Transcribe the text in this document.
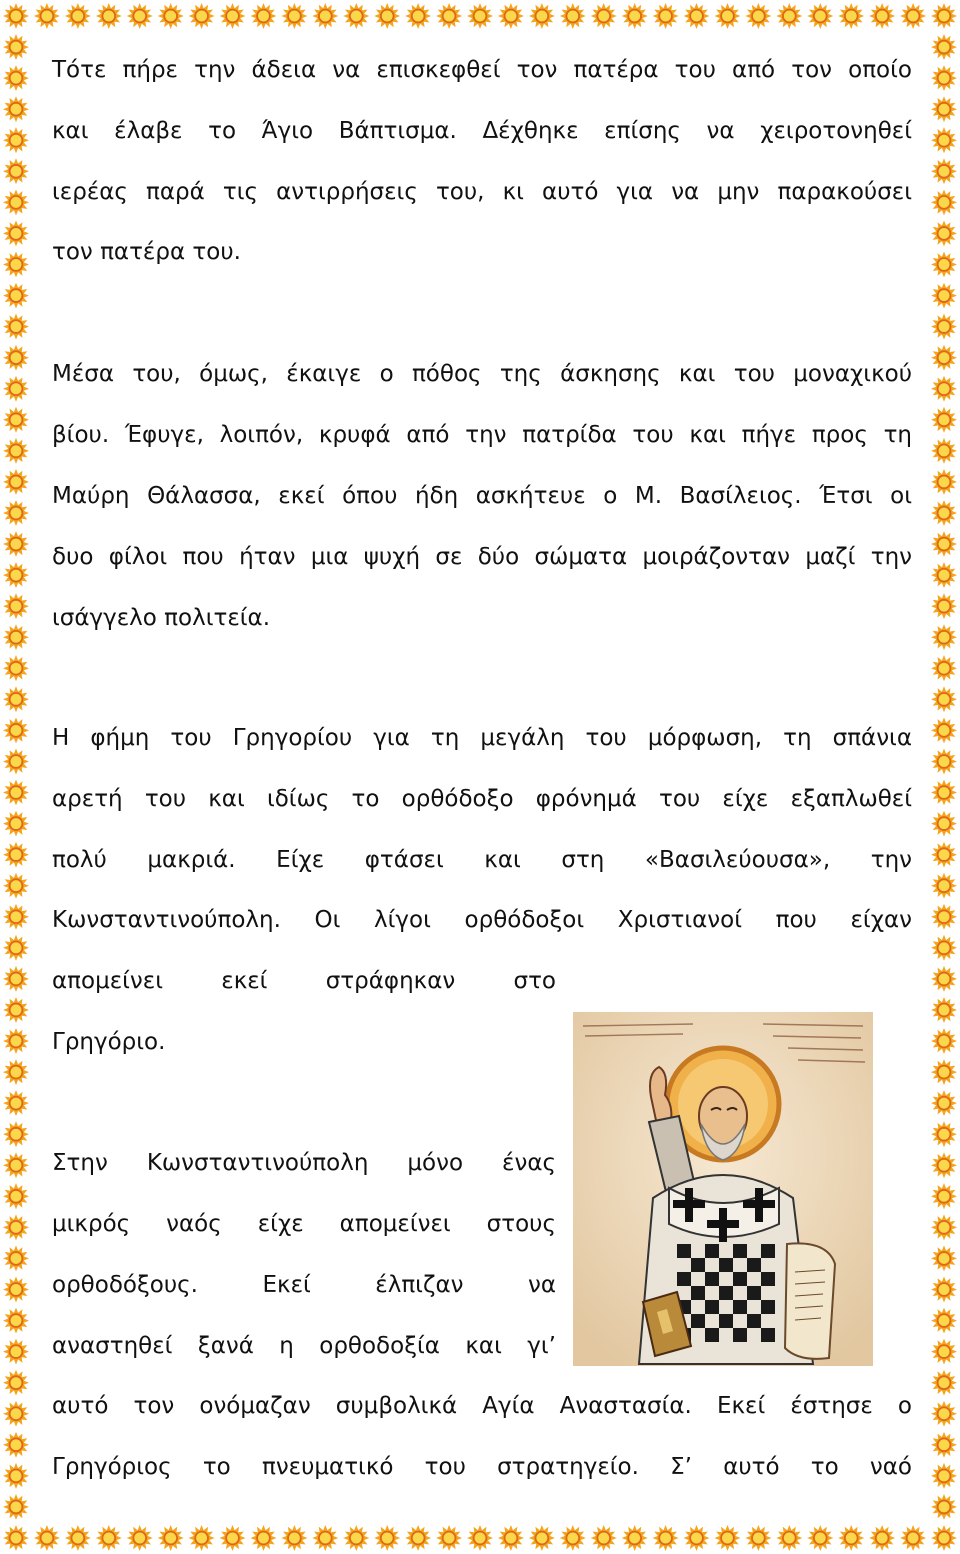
Τότε πήρε την άδεια να επισκεφθεί τον πατέρα του από τον οποίο
και έλαβε το Άγιο Βάπτισμα. Δέχθηκε επίσης να χειροτονηθεί
ιερέας παρά τις αντιρρήσεις του, κι αυτό για να μην παρακούσει
τον πατέρα του.
Μέσα του, όμως, έκαιγε ο πόθος της άσκησης και του μοναχικού
βίου. Έφυγε, λοιπόν, κρυφά από την πατρίδα του και πήγε προς τη
Μαύρη Θάλασσα, εκεί όπου ήδη ασκήτευε ο Μ. Βασίλειος. Έτσι οι
δυο φίλοι που ήταν μια ψυχή σε δύο σώματα μοιράζονταν μαζί την
ισάγγελο πολιτεία.
Η φήμη του Γρηγορίου για τη μεγάλη του μόρφωση, τη σπάνια
αρετή του και ιδίως το ορθόδοξο φρόνημά του είχε εξαπλωθεί
πολύ μακριά. Είχε φτάσει και στη «Βασιλεύουσα», την
Κωνσταντινούπολη. Οι λίγοι ορθόδοξοι Χριστιανοί που είχαν
απομείνει εκεί στράφηκαν στο
Γρηγόριο.
Στην Κωνσταντινούπολη μόνο ένας
μικρός ναός είχε απομείνει στους
ορθοδόξους. Εκεί έλπιζαν να
αναστηθεί ξανά η ορθοδοξία και γι’
αυτό τον ονόμαζαν συμβολικά Αγία Αναστασία. Εκεί έστησε ο
Γρηγόριος το πνευματικό του στρατηγείο. Σ’ αυτό το ναό
